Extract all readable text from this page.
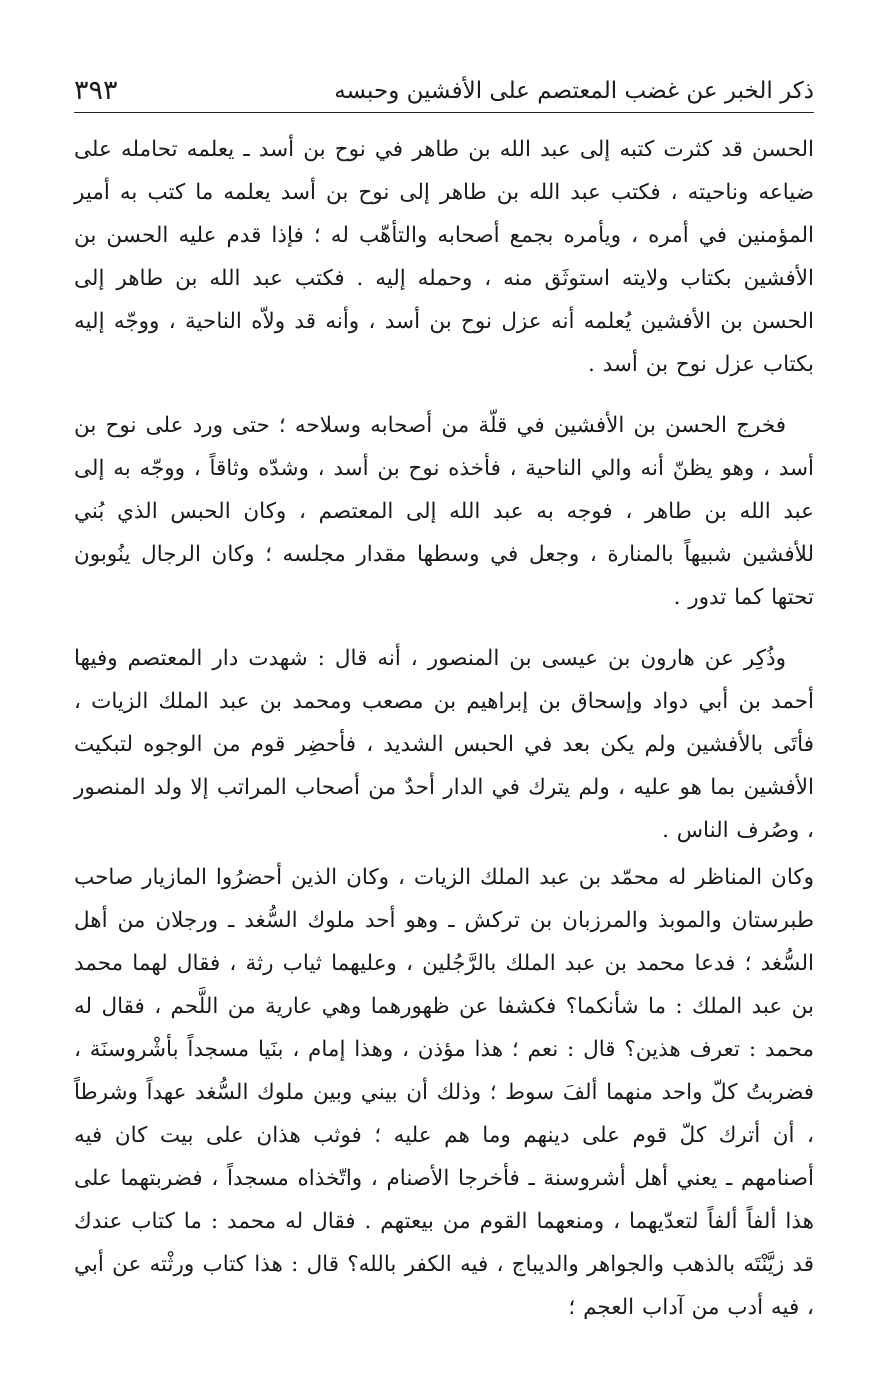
ذكر الخبر عن غضب المعتصم على الأفشين وحبسه
٣٩٣

الحسن قد كثرت كتبه إلى عبد الله بن طاهر في نوح بن أسد ـ يعلمه تحامله على ضياعه وناحيته ، فكتب عبد الله بن طاهر إلى نوح بن أسد يعلمه ما كتب به أمير المؤمنين في أمره ، ويأمره بجمع أصحابه والتأهّب له ؛ فإذا قدم عليه الحسن بن الأفشين بكتاب ولايته استوثَق منه ، وحمله إليه . فكتب عبد الله بن طاهر إلى الحسن بن الأفشين يُعلمه أنه عزل نوح بن أسد ، وأنه قد ولاّه الناحية ، ووجّه إليه بكتاب عزل نوح بن أسد .

فخرج الحسن بن الأفشين في قلّة من أصحابه وسلاحه ؛ حتى ورد على نوح بن أسد ، وهو يظنّ أنه والي الناحية ، فأخذه نوح بن أسد ، وشدّه وثاقاً ، ووجّه به إلى عبد الله بن طاهر ، فوجه به عبد الله إلى المعتصم ، وكان الحبس الذي بُني للأفشين شبيهاً بالمنارة ، وجعل في وسطها مقدار مجلسه ؛ وكان الرجال ينُوبون تحتها كما تدور .

وذُكِر عن هارون بن عيسى بن المنصور ، أنه قال : شهدت دار المعتصم وفيها أحمد بن أبي دواد وإسحاق بن إبراهيم بن مصعب ومحمد بن عبد الملك الزيات ، فأتَى بالأفشين ولم يكن بعد في الحبس الشديد ، فأحضِر قوم من الوجوه لتبكيت الأفشين بما هو عليه ، ولم يترك في الدار أحدٌ من أصحاب المراتب إلا ولد المنصور ، وصُرف الناس .

وكان المناظر له محمّد بن عبد الملك الزيات ، وكان الذين أحضرُوا المازيار صاحب طبرستان والموبذ والمرزبان بن تركش ـ وهو أحد ملوك السُّغد ـ ورجلان من أهل السُّغد ؛ فدعا محمد بن عبد الملك بالرَّجُلين ، وعليهما ثياب رثة ، فقال لهما محمد بن عبد الملك : ما شأنكما؟ فكشفا عن ظهورهما وهي عارية من اللَّحم ، فقال له محمد : تعرف هذين؟ قال : نعم ؛ هذا مؤذن ، وهذا إمام ، بنَيا مسجداً بأشْروسنَة ، فضربتُ كلّ واحد منهما ألفَ سوط ؛ وذلك أن بيني وبين ملوك السُّغد عهداً وشرطاً ، أن أترك كلّ قوم على دينهم وما هم عليه ؛ فوثب هذان على بيت كان فيه أصنامهم ـ يعني أهل أشروسنة ـ فأخرجا الأصنام ، واتّخذاه مسجداً ، فضربتهما على هذا ألفاً ألفاً لتعدّيهما ، ومنعهما القوم من بيعتهم . فقال له محمد : ما كتاب عندك قد زيَّنْتَه بالذهب والجواهر والديباج ، فيه الكفر بالله؟ قال : هذا كتاب ورثْته عن أبي ، فيه أدب من آداب العجم ؛
